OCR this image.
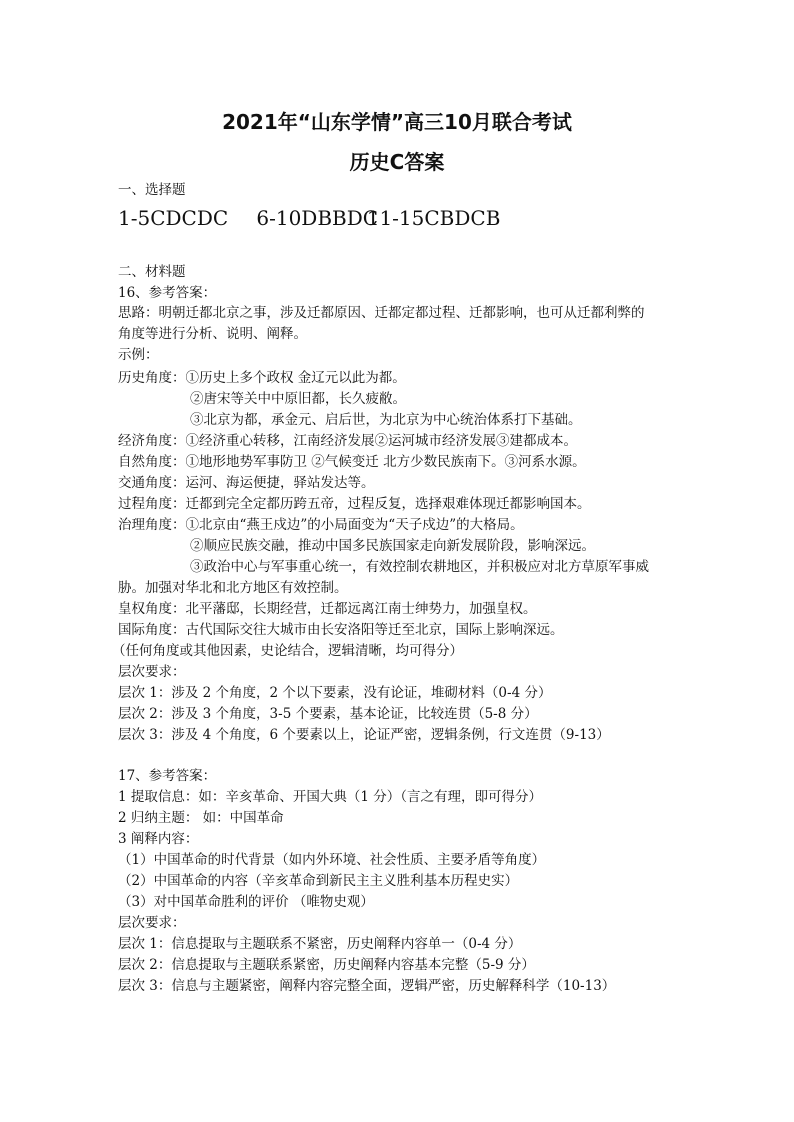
2021年“山东学情”高三10月联合考试
历史C答案
一、选择题
1-5CDCDC 6-10DBBDC 11-15CBDCB
二、材料题
16、参考答案：
思路：明朝迁都北京之事，涉及迁都原因、迁都定都过程、迁都影响，也可从迁都利弊的
角度等进行分析、说明、阐释。
示例：
历史角度：①历史上多个政权 金辽元以此为都。
②唐宋等关中中原旧都，长久疲敝。
③北京为都，承金元、启后世，为北京为中心统治体系打下基础。
经济角度：①经济重心转移，江南经济发展②运河城市经济发展③建都成本。
自然角度：①地形地势军事防卫 ②气候变迁 北方少数民族南下。③河系水源。
交通角度：运河、海运便捷，驿站发达等。
过程角度：迁都到完全定都历跨五帝，过程反复，选择艰难体现迁都影响国本。
治理角度：①北京由“燕王戍边”的小局面变为“天子戍边”的大格局。
②顺应民族交融，推动中国多民族国家走向新发展阶段，影响深远。
③政治中心与军事重心统一，有效控制农耕地区，并积极应对北方草原军事威
胁。加强对华北和北方地区有效控制。
皇权角度：北平藩邸，长期经营，迁都远离江南士绅势力，加强皇权。
国际角度：古代国际交往大城市由长安洛阳等迁至北京，国际上影响深远。
（任何角度或其他因素，史论结合，逻辑清晰，均可得分）
层次要求：
层次 1：涉及 2 个角度，2 个以下要素，没有论证，堆砌材料（0-4 分）
层次 2：涉及 3 个角度，3-5 个要素，基本论证，比较连贯（5-8 分）
层次 3：涉及 4 个角度，6 个要素以上，论证严密，逻辑条例，行文连贯（9-13）
17、参考答案：
1 提取信息：如：辛亥革命、开国大典（1 分）（言之有理，即可得分）
2 归纳主题： 如：中国革命
3 阐释内容：
（1）中国革命的时代背景（如内外环境、社会性质、主要矛盾等角度）
（2）中国革命的内容（辛亥革命到新民主主义胜利基本历程史实）
（3）对中国革命胜利的评价 （唯物史观）
层次要求：
层次 1：信息提取与主题联系不紧密，历史阐释内容单一（0-4 分）
层次 2：信息提取与主题联系紧密，历史阐释内容基本完整（5-9 分）
层次 3：信息与主题紧密，阐释内容完整全面，逻辑严密，历史解释科学（10-13）
